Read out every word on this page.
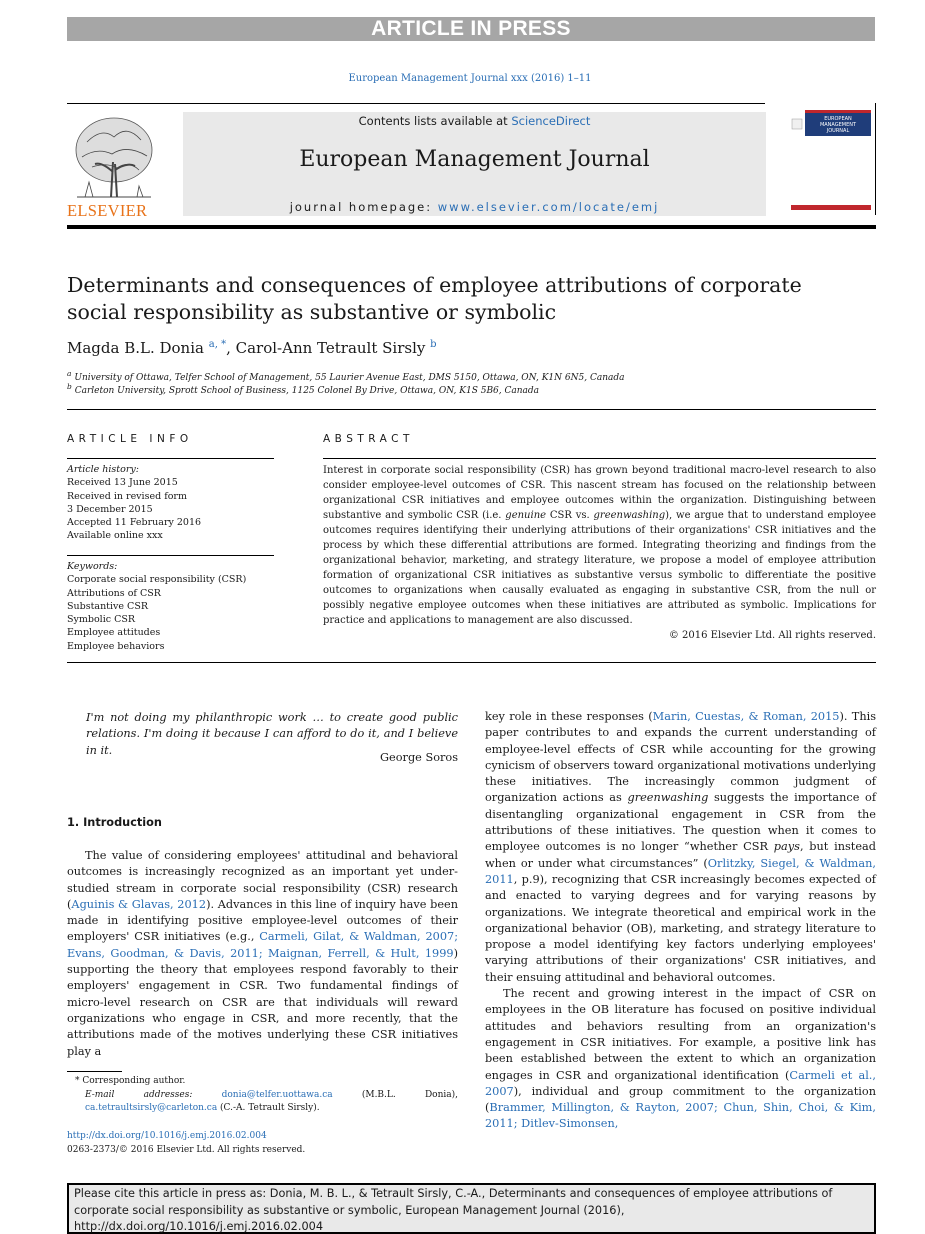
ARTICLE IN PRESS
European Management Journal xxx (2016) 1–11
ELSEVIER
Contents lists available at ScienceDirect
European Management Journal
journal homepage: www.elsevier.com/locate/emj
EUROPEAN MANAGEMENT JOURNAL
Determinants and consequences of employee attributions of corporate
social responsibility as substantive or symbolic
Magda B.L. Donia $^{a, *}$, Carol-Ann Tetrault Sirsly $^b$
$^a$ University of Ottawa, Telfer School of Management, 55 Laurier Avenue East, DMS 5150, Ottawa, ON, K1N 6N5, Canada
$^b$ Carleton University, Sprott School of Business, 1125 Colonel By Drive, Ottawa, ON, K1S 5B6, Canada
ARTICLE INFO	ABSTRACT
Article history:
Received 13 June 2015
Received in revised form
3 December 2015
Accepted 11 February 2016
Available online xxx
Keywords:
Corporate social responsibility (CSR)
Attributions of CSR
Substantive CSR
Symbolic CSR
Employee attitudes
Employee behaviors
Interest in corporate social responsibility (CSR) has grown beyond traditional macro-level research to also consider employee-level outcomes of CSR. This nascent stream has focused on the relationship between organizational CSR initiatives and employee outcomes within the organization. Distinguishing between substantive and symbolic CSR (i.e. genuine CSR vs. greenwashing), we argue that to understand employee outcomes requires identifying their underlying attributions of their organizations' CSR initiatives and the process by which these differential attributions are formed. Integrating theorizing and findings from the organizational behavior, marketing, and strategy literature, we propose a model of employee attribution formation of organizational CSR initiatives as substantive versus symbolic to differentiate the positive outcomes to organizations when causally evaluated as engaging in substantive CSR, from the null or possibly negative employee outcomes when these initiatives are attributed as symbolic. Implications for practice and applications to management are also discussed.
© 2016 Elsevier Ltd. All rights reserved.
I'm not doing my philanthropic work … to create good public relations. I'm doing it because I can afford to do it, and I believe in it.
George Soros
1. Introduction
The value of considering employees' attitudinal and behavioral outcomes is increasingly recognized as an important yet under-studied stream in corporate social responsibility (CSR) research (Aguinis & Glavas, 2012). Advances in this line of inquiry have been made in identifying positive employee-level outcomes of their employers' CSR initiatives (e.g., Carmeli, Gilat, & Waldman, 2007; Evans, Goodman, & Davis, 2011; Maignan, Ferrell, & Hult, 1999) supporting the theory that employees respond favorably to their employers' engagement in CSR. Two fundamental findings of micro-level research on CSR are that individuals will reward organizations who engage in CSR, and more recently, that the attributions made of the motives underlying these CSR initiatives play a

key role in these responses (Marin, Cuestas, & Roman, 2015). This paper contributes to and expands the current understanding of employee-level effects of CSR while accounting for the growing cynicism of observers toward organizational motivations underlying these initiatives. The increasingly common judgment of organization actions as greenwashing suggests the importance of disentangling organizational engagement in CSR from the attributions of these initiatives. The question when it comes to employee outcomes is no longer “whether CSR pays, but instead when or under what circumstances” (Orlitzky, Siegel, & Waldman, 2011, p.9), recognizing that CSR increasingly becomes expected of and enacted to varying degrees and for varying reasons by organizations. We integrate theoretical and empirical work in the organizational behavior (OB), marketing, and strategy literature to propose a model identifying key factors underlying employees' varying attributions of their organizations' CSR initiatives, and their ensuing attitudinal and behavioral outcomes.

The recent and growing interest in the impact of CSR on employees in the OB literature has focused on positive individual attitudes and behaviors resulting from an organization's engagement in CSR initiatives. For example, a positive link has been established between the extent to which an organization engages in CSR and organizational identification (Carmeli et al., 2007), individual and group commitment to the organization (Brammer, Millington, & Rayton, 2007; Chun, Shin, Choi, & Kim, 2011; Ditlev-Simonsen,

* Corresponding author.
E-mail addresses: donia@telfer.uottawa.ca (M.B.L. Donia), ca.tetraultsirsly@carleton.ca (C.-A. Tetrault Sirsly).
http://dx.doi.org/10.1016/j.emj.2016.02.004
0263-2373/© 2016 Elsevier Ltd. All rights reserved.
Please cite this article in press as: Donia, M. B. L., & Tetrault Sirsly, C.-A., Determinants and consequences of employee attributions of corporate social responsibility as substantive or symbolic, European Management Journal (2016), http://dx.doi.org/10.1016/j.emj.2016.02.004
